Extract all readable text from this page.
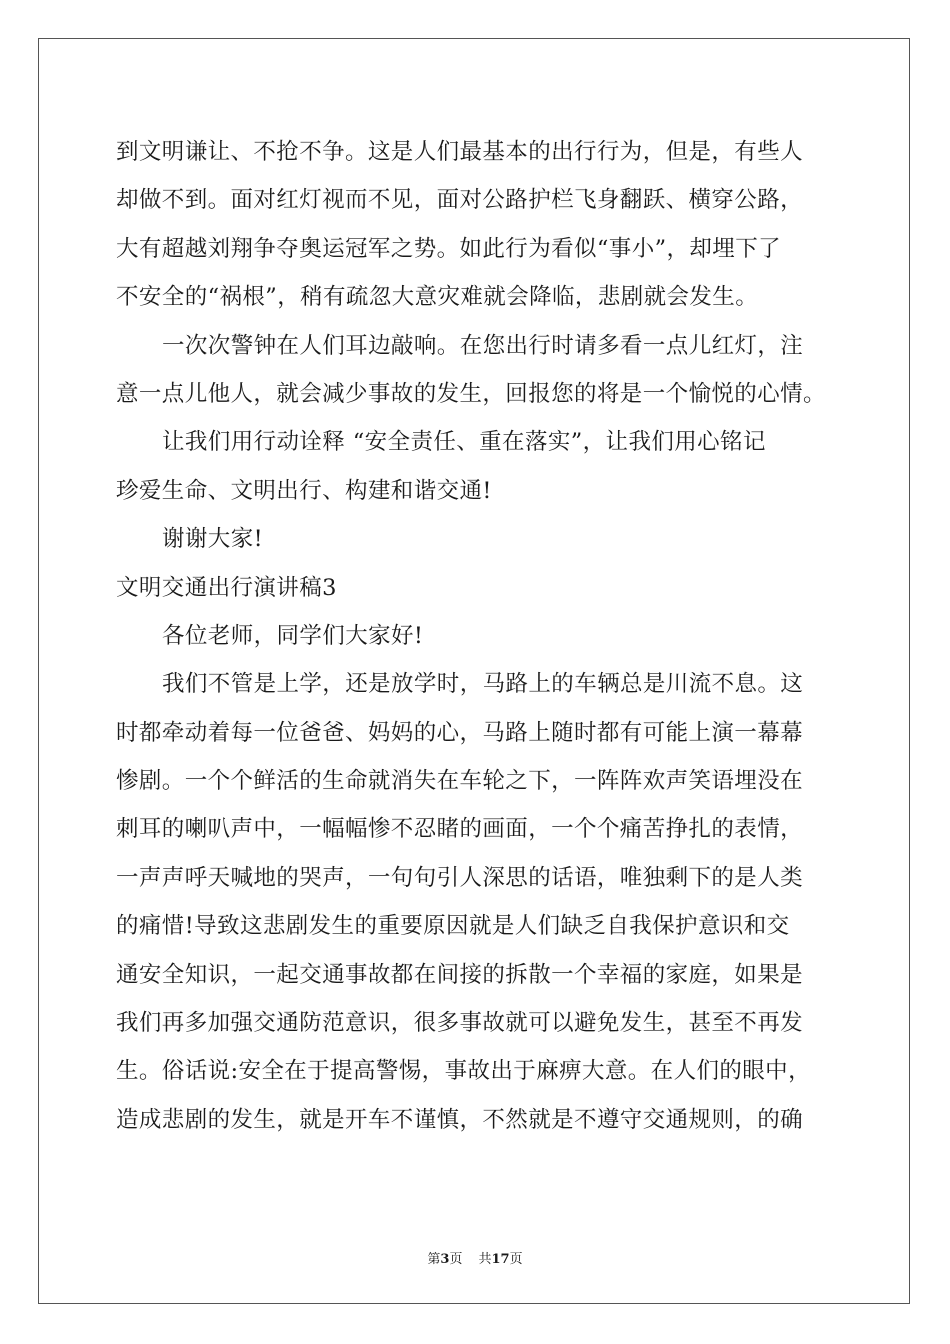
到文明谦让、不抢不争。这是人们最基本的出行行为，但是，有些人
却做不到。面对红灯视而不见，面对公路护栏飞身翻跃、横穿公路，
大有超越刘翔争夺奥运冠军之势。如此行为看似“事小”，却埋下了
不安全的“祸根”，稍有疏忽大意灾难就会降临，悲剧就会发生。
一次次警钟在人们耳边敲响。在您出行时请多看一点儿红灯，注
意一点儿他人，就会减少事故的发生，回报您的将是一个愉悦的心情。
让我们用行动诠释 “安全责任、重在落实”，让我们用心铭记
珍爱生命、文明出行、构建和谐交通!
谢谢大家!
文明交通出行演讲稿3
各位老师，同学们大家好!
我们不管是上学，还是放学时，马路上的车辆总是川流不息。这
时都牵动着每一位爸爸、妈妈的心，马路上随时都有可能上演一幕幕
惨剧。一个个鲜活的生命就消失在车轮之下，一阵阵欢声笑语埋没在
刺耳的喇叭声中，一幅幅惨不忍睹的画面，一个个痛苦挣扎的表情，
一声声呼天喊地的哭声，一句句引人深思的话语，唯独剩下的是人类
的痛惜!导致这悲剧发生的重要原因就是人们缺乏自我保护意识和交
通安全知识，一起交通事故都在间接的拆散一个幸福的家庭，如果是
我们再多加强交通防范意识，很多事故就可以避免发生，甚至不再发
生。俗话说:安全在于提高警惕，事故出于麻痹大意。在人们的眼中，
造成悲剧的发生，就是开车不谨慎，不然就是不遵守交通规则，的确
第3页 共17页
